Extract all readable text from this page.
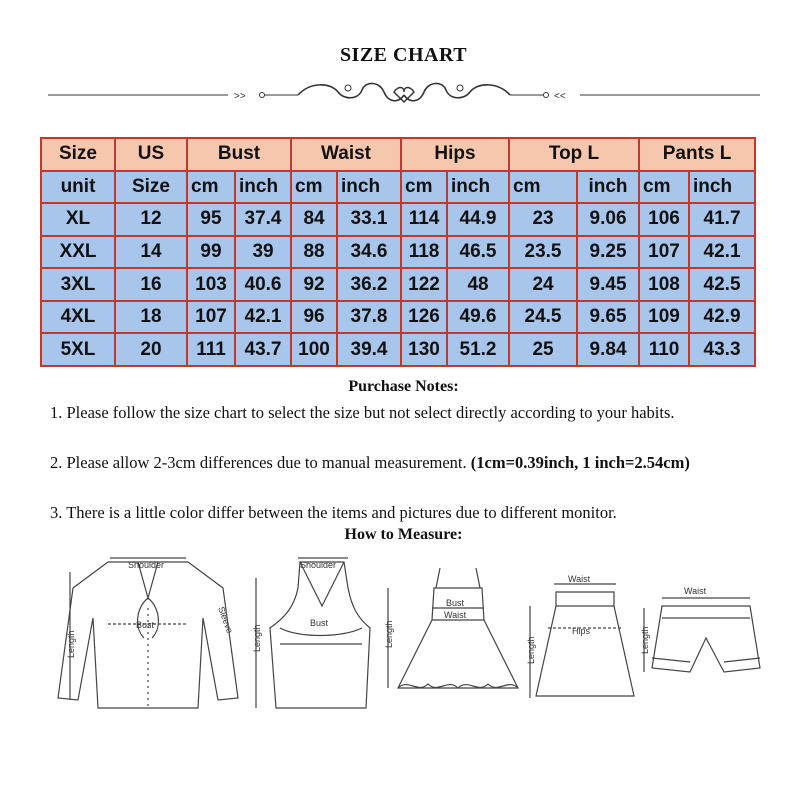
SIZE CHART
>>	<<
Size	US	Bust		Waist		Hips		Top L		Pants L	
unit	Size	cm	inch	cm	inch	cm	inch	cm	inch	cm	inch
XL	12	95	37.4	84	33.1	114	44.9	23	9.06	106	41.7
XXL	14	99	39	88	34.6	118	46.5	23.5	9.25	107	42.1
3XL	16	103	40.6	92	36.2	122	48	24	9.45	108	42.5
4XL	18	107	42.1	96	37.8	126	49.6	24.5	9.65	109	42.9
5XL	20	111	43.7	100	39.4	130	51.2	25	9.84	110	43.3
Purchase Notes:
1. Please follow the size chart to select the size but not select directly according to your habits.
2. Please allow 2-3cm differences due to manual measurement. (1cm=0.39inch, 1 inch=2.54cm)
3. There is a little color differ between the items and pictures due to different monitor.
How to Measure:
Shoulder
Bust	Sleeve
Length
Shoulder
Bust
Length
Bust
Waist
Length
Waist
Hips
Length
Waist
Length
